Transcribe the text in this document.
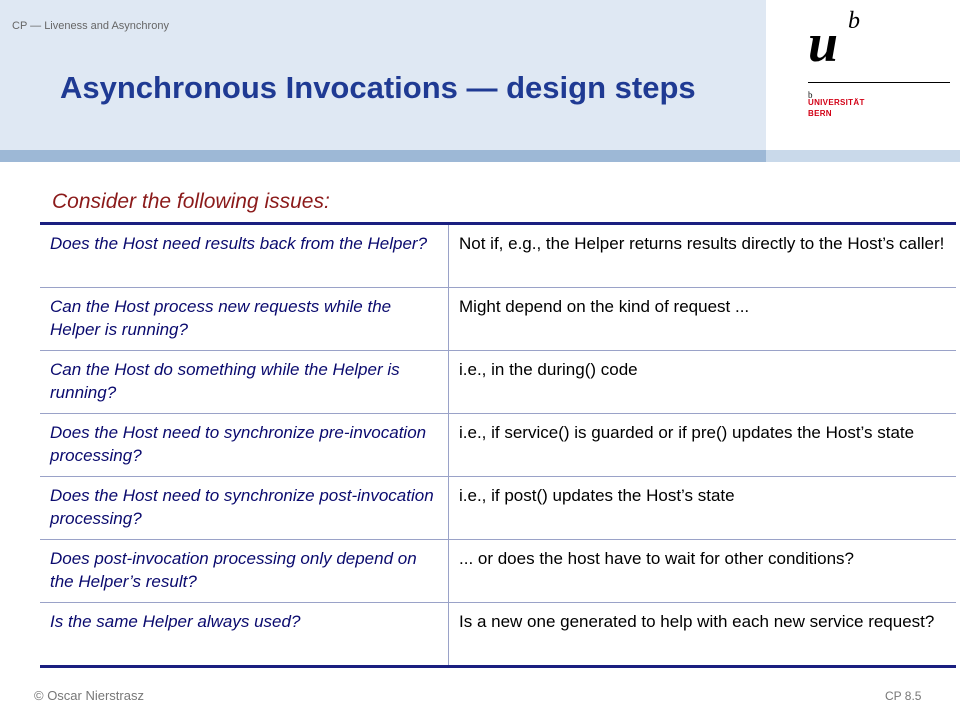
CP — Liveness and Asynchrony
Asynchronous Invocations — design steps
u b
b
UNIVERSITÄT
BERN
Consider the following issues:
Does the Host need results back from the Helper?	Not if, e.g., the Helper returns results directly to the Host’s caller!
Can the Host process new requests while the Helper is running?	Might depend on the kind of request ...
Can the Host do something while the Helper is running?	i.e., in the during() code
Does the Host need to synchronize pre-invocation processing?	i.e., if service() is guarded or if pre() updates the Host’s state
Does the Host need to synchronize post-invocation processing?	i.e., if post() updates the Host’s state
Does post-invocation processing only depend on the Helper’s result?	... or does the host have to wait for other conditions?
Is the same Helper always used?	Is a new one generated to help with each new service request?
© Oscar Nierstrasz	CP 8.5
